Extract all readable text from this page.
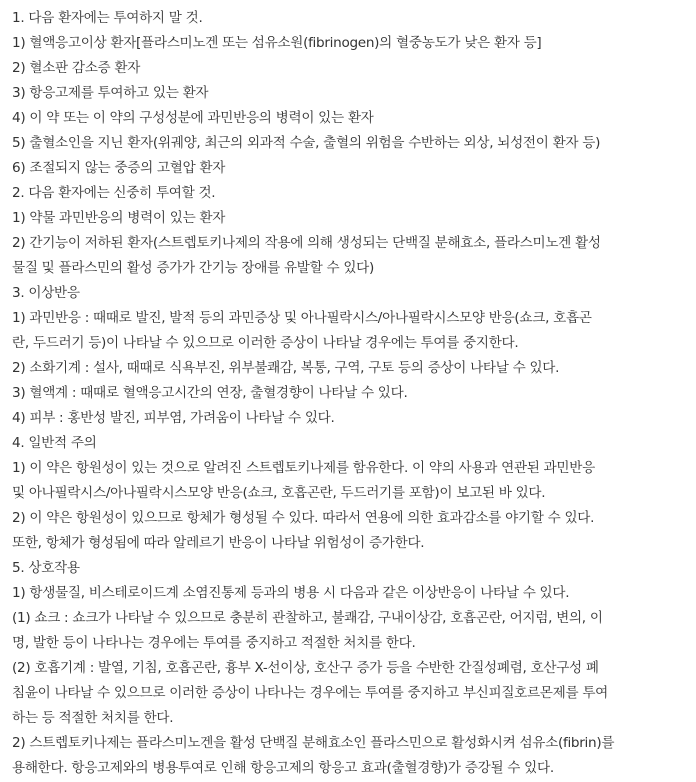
1. 다음 환자에는 투여하지 말 것.
1) 혈액응고이상 환자[플라스미노겐 또는 섬유소원(fibrinogen)의 혈중농도가 낮은 환자 등]
2) 혈소판 감소증 환자
3) 항응고제를 투여하고 있는 환자
4) 이 약 또는 이 약의 구성성분에 과민반응의 병력이 있는 환자
5) 출혈소인을 지닌 환자(위궤양, 최근의 외과적 수술, 출혈의 위험을 수반하는 외상, 뇌성전이 환자 등)
6) 조절되지 않는 중증의 고혈압 환자
2. 다음 환자에는 신중히 투여할 것.
1) 약물 과민반응의 병력이 있는 환자
2) 간기능이 저하된 환자(스트렙토키나제의 작용에 의해 생성되는 단백질 분해효소, 플라스미노겐 활성
물질 및 플라스민의 활성 증가가 간기능 장애를 유발할 수 있다)
3. 이상반응
1) 과민반응 : 때때로 발진, 발적 등의 과민증상 및 아나필락시스/아나필락시스모양 반응(쇼크, 호흡곤
란, 두드러기 등)이 나타날 수 있으므로 이러한 증상이 나타날 경우에는 투여를 중지한다.
2) 소화기계 : 설사, 때때로 식욕부진, 위부불쾌감, 복통, 구역, 구토 등의 증상이 나타날 수 있다.
3) 혈액계 : 때때로 혈액응고시간의 연장, 출혈경향이 나타날 수 있다.
4) 피부 : 홍반성 발진, 피부염, 가려움이 나타날 수 있다.
4. 일반적 주의
1) 이 약은 항원성이 있는 것으로 알려진 스트렙토키나제를 함유한다. 이 약의 사용과 연관된 과민반응
및 아나필락시스/아나필락시스모양 반응(쇼크, 호흡곤란, 두드러기를 포함)이 보고된 바 있다.
2) 이 약은 항원성이 있으므로 항체가 형성될 수 있다. 따라서 연용에 의한 효과감소를 야기할 수 있다.
또한, 항체가 형성됨에 따라 알레르기 반응이 나타날 위험성이 증가한다.
5. 상호작용
1) 항생물질, 비스테로이드계 소염진통제 등과의 병용 시 다음과 같은 이상반응이 나타날 수 있다.
(1) 쇼크 : 쇼크가 나타날 수 있으므로 충분히 관찰하고, 불쾌감, 구내이상감, 호흡곤란, 어지럼, 변의, 이
명, 발한 등이 나타나는 경우에는 투여를 중지하고 적절한 처치를 한다.
(2) 호흡기계 : 발열, 기침, 호흡곤란, 흉부 X-선이상, 호산구 증가 등을 수반한 간질성폐렴, 호산구성 폐
침윤이 나타날 수 있으므로 이러한 증상이 나타나는 경우에는 투여를 중지하고 부신피질호르몬제를 투여
하는 등 적절한 처치를 한다.
2) 스트렙토키나제는 플라스미노겐을 활성 단백질 분해효소인 플라스민으로 활성화시켜 섬유소(fibrin)를
용해한다. 항응고제와의 병용투여로 인해 항응고제의 항응고 효과(출혈경향)가 증강될 수 있다.
